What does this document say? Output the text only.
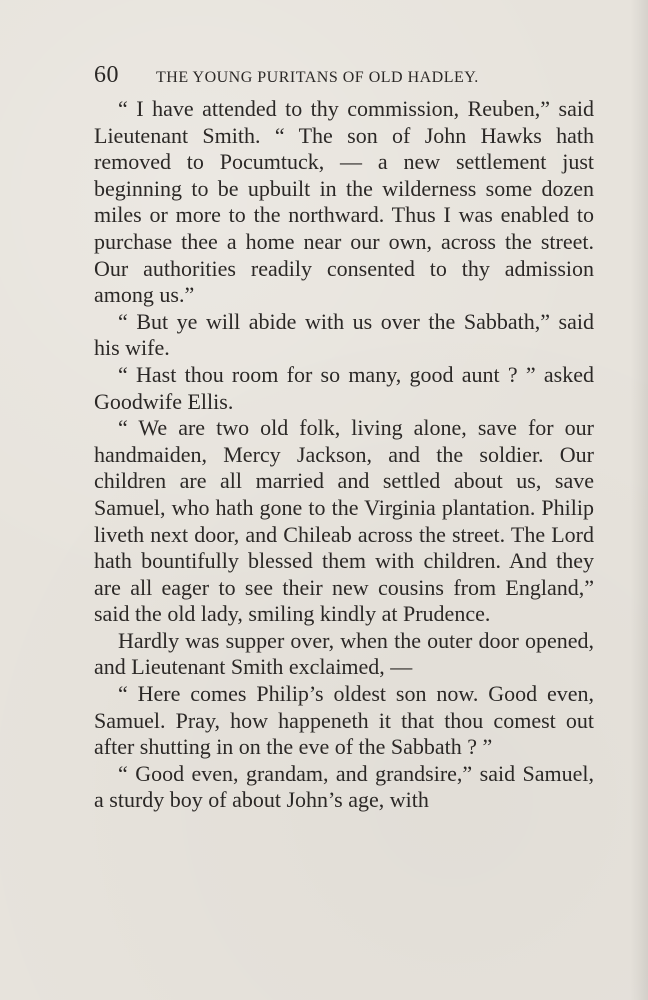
60	THE YOUNG PURITANS OF OLD HADLEY.

“ I have attended to thy commission, Reuben,” said Lieutenant Smith. “ The son of John Hawks hath removed to Pocumtuck, — a new settlement just beginning to be upbuilt in the wilderness some dozen miles or more to the northward. Thus I was enabled to purchase thee a home near our own, across the street. Our authorities readily consented to thy admission among us.”

“ But ye will abide with us over the Sabbath,” said his wife.

“ Hast thou room for so many, good aunt ? ” asked Goodwife Ellis.

“ We are two old folk, living alone, save for our handmaiden, Mercy Jackson, and the soldier. Our children are all married and settled about us, save Samuel, who hath gone to the Virginia plantation. Philip liveth next door, and Chileab across the street. The Lord hath bountifully blessed them with children. And they are all eager to see their new cousins from England,” said the old lady, smiling kindly at Prudence.

Hardly was supper over, when the outer door opened, and Lieutenant Smith exclaimed, —

“ Here comes Philip’s oldest son now. Good even, Samuel. Pray, how happeneth it that thou comest out after shutting in on the eve of the Sabbath ? ”

“ Good even, grandam, and grandsire,” said Samuel, a sturdy boy of about John’s age, with
